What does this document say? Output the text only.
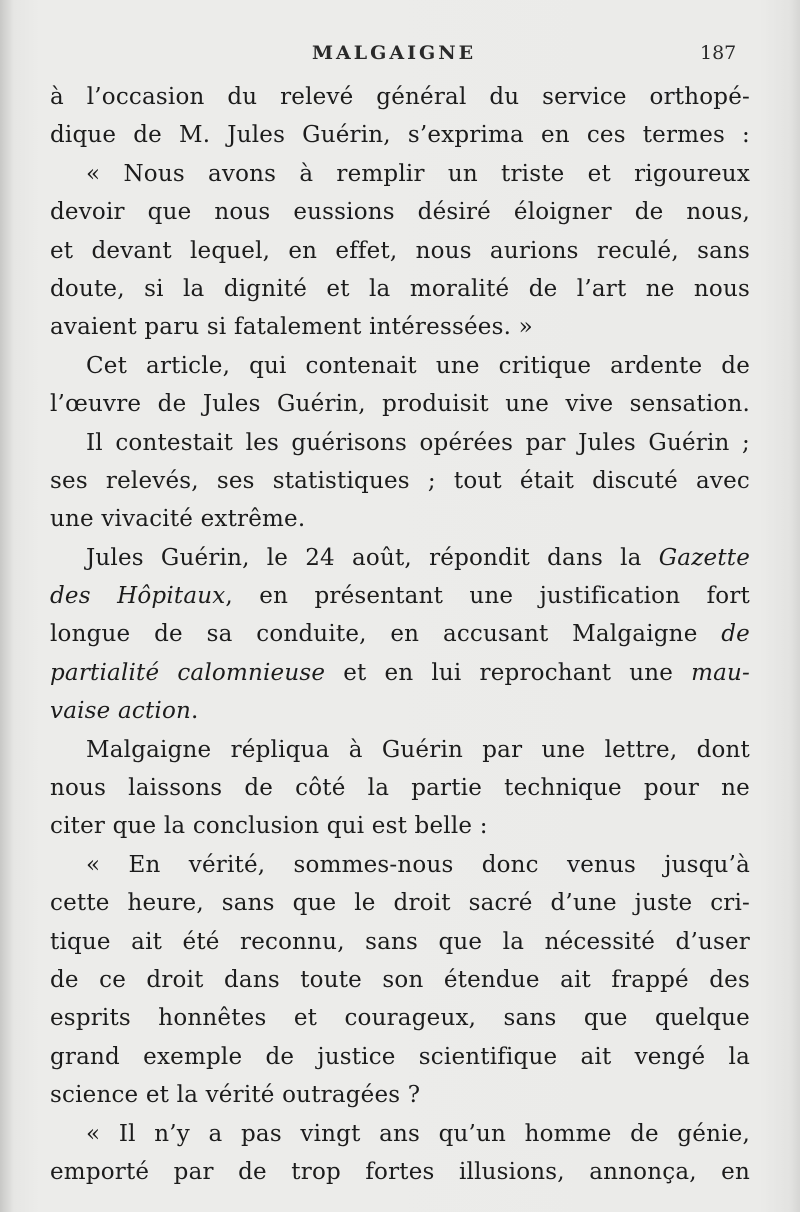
MALGAIGNE	187
à l’occasion du relevé général du service orthopé-
dique de M. Jules Guérin, s’exprima en ces termes :
« Nous avons à remplir un triste et rigoureux
devoir que nous eussions désiré éloigner de nous,
et devant lequel, en effet, nous aurions reculé, sans
doute, si la dignité et la moralité de l’art ne nous
avaient paru si fatalement intéressées. »
Cet article, qui contenait une critique ardente de
l’œuvre de Jules Guérin, produisit une vive sensation.
Il contestait les guérisons opérées par Jules Guérin ;
ses relevés, ses statistiques ; tout était discuté avec
une vivacité extrême.
Jules Guérin, le 24 août, répondit dans la Gazette
des Hôpitaux, en présentant une justification fort
longue de sa conduite, en accusant Malgaigne de
partialité calomnieuse et en lui reprochant une mau-
vaise action.
Malgaigne répliqua à Guérin par une lettre, dont
nous laissons de côté la partie technique pour ne
citer que la conclusion qui est belle :
« En vérité, sommes-nous donc venus jusqu’à
cette heure, sans que le droit sacré d’une juste cri-
tique ait été reconnu, sans que la nécessité d’user
de ce droit dans toute son étendue ait frappé des
esprits honnêtes et courageux, sans que quelque
grand exemple de justice scientifique ait vengé la
science et la vérité outragées ?
« Il n’y a pas vingt ans qu’un homme de génie,
emporté par de trop fortes illusions, annonça, en
